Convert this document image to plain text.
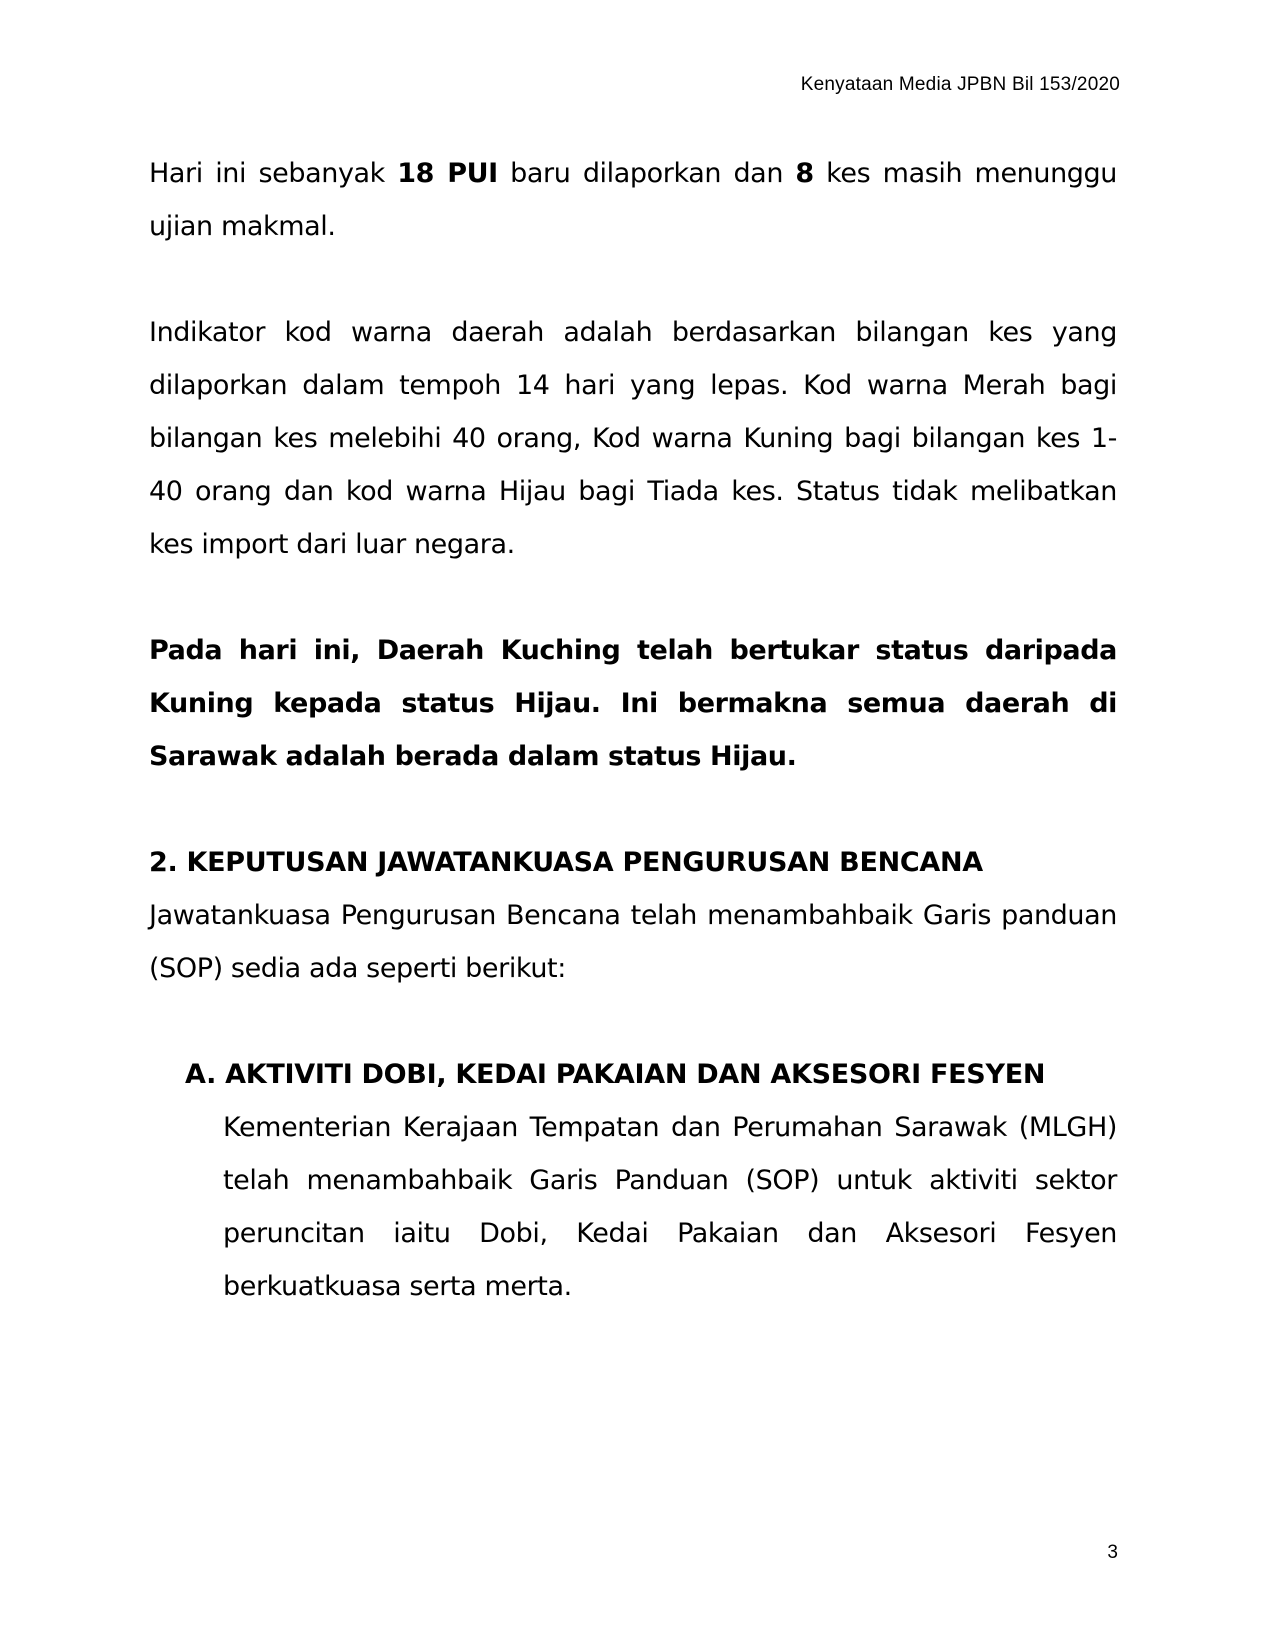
Kenyataan Media JPBN Bil 153/2020

Hari ini sebanyak 18 PUI baru dilaporkan dan 8 kes masih menunggu ujian makmal.

Indikator kod warna daerah adalah berdasarkan bilangan kes yang dilaporkan dalam tempoh 14 hari yang lepas. Kod warna Merah bagi bilangan kes melebihi 40 orang, Kod warna Kuning bagi bilangan kes 1-40 orang dan kod warna Hijau bagi Tiada kes. Status tidak melibatkan kes import dari luar negara.

Pada hari ini, Daerah Kuching telah bertukar status daripada Kuning kepada status Hijau. Ini bermakna semua daerah di Sarawak adalah berada dalam status Hijau.

2. KEPUTUSAN JAWATANKUASA PENGURUSAN BENCANA

Jawatankuasa Pengurusan Bencana telah menambahbaik Garis panduan (SOP) sedia ada seperti berikut:

A. AKTIVITI DOBI, KEDAI PAKAIAN DAN AKSESORI FESYEN

Kementerian Kerajaan Tempatan dan Perumahan Sarawak (MLGH) telah menambahbaik Garis Panduan (SOP) untuk aktiviti sektor peruncitan iaitu Dobi, Kedai Pakaian dan Aksesori Fesyen berkuatkuasa serta merta.

3
